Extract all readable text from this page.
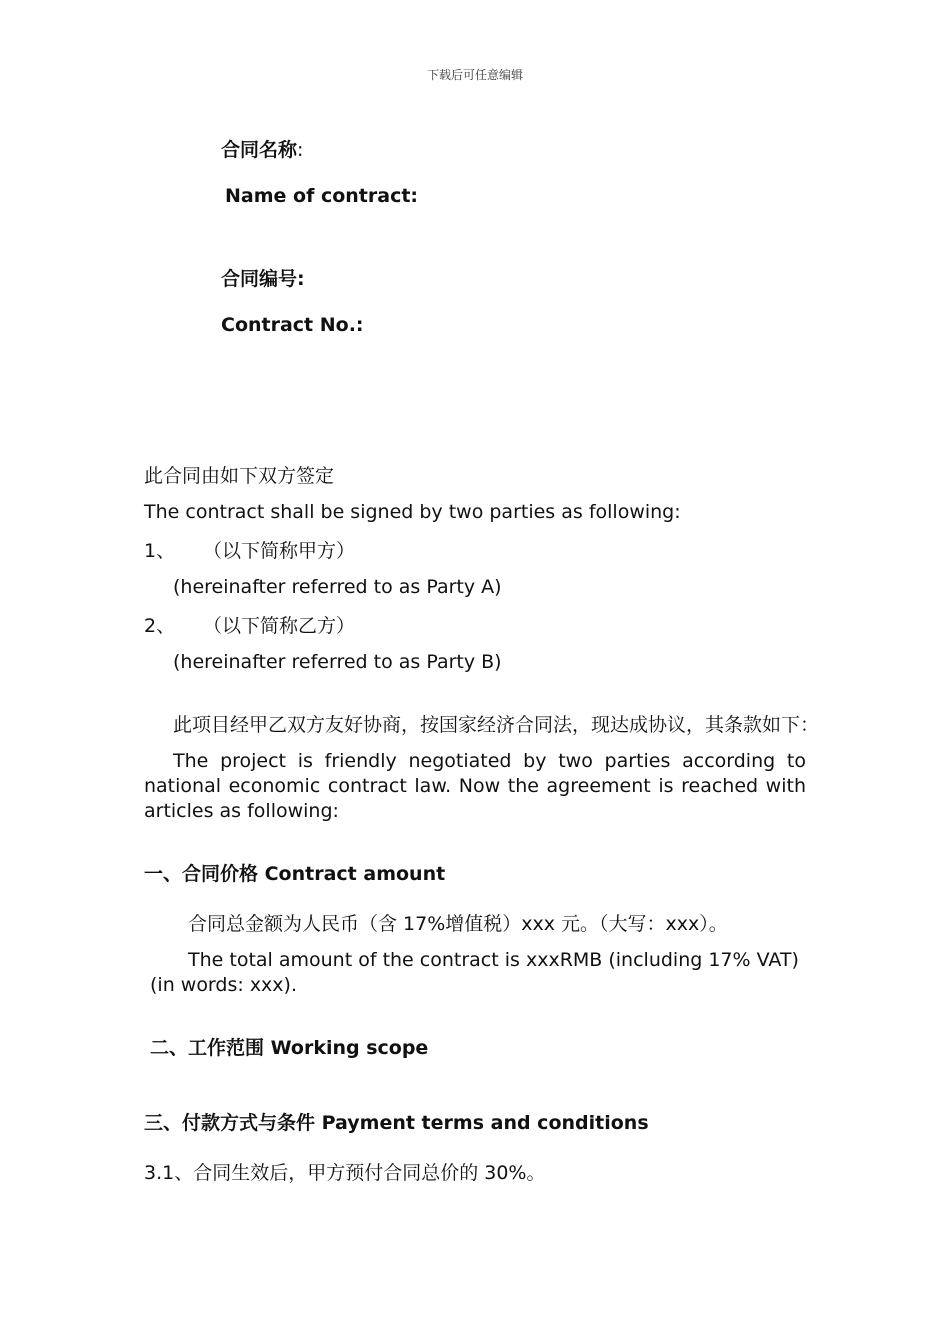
下载后可任意编辑
合同名称:
Name of contract:
合同编号:
Contract No.:
此合同由如下双方签定
The contract shall be signed by two parties as following:
1、 （以下简称甲方）
(hereinafter referred to as Party A)
2、 （以下简称乙方）
(hereinafter referred to as Party B)
此项目经甲乙双方友好协商，按国家经济合同法，现达成协议，其条款如下：
The project is friendly negotiated by two parties according to national economic contract law. Now the agreement is reached with articles as following:
一、合同价格 Contract amount
合同总金额为人民币（含 17%增值税）xxx 元。（大写：xxx）。
The total amount of the contract is xxxRMB (including 17% VAT) (in words: xxx).
二、工作范围 Working scope
三、付款方式与条件 Payment terms and conditions
3.1、合同生效后，甲方预付合同总价的 30%。
